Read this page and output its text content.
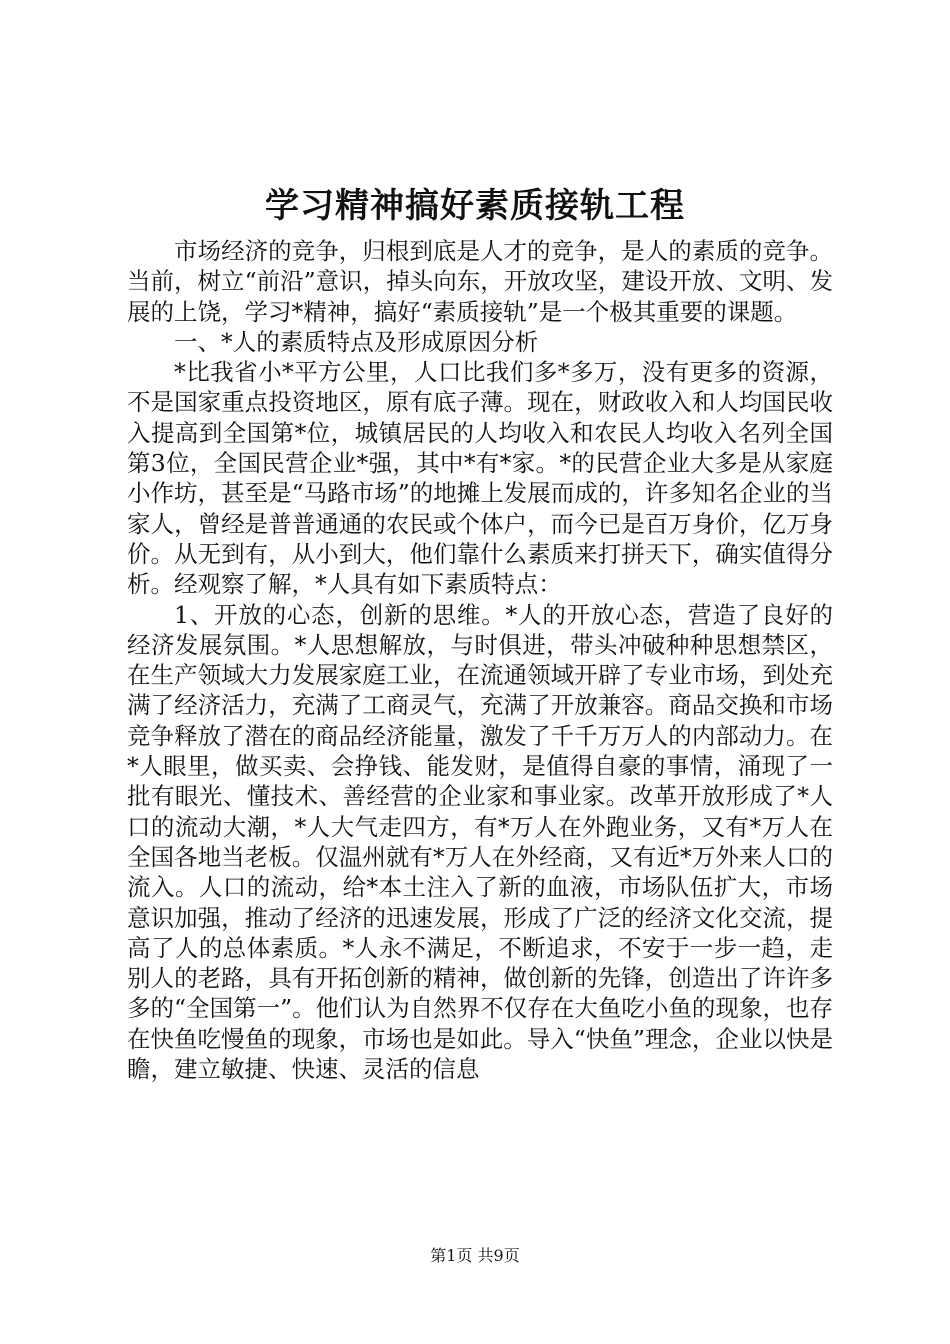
学习精神搞好素质接轨工程

市场经济的竞争，归根到底是人才的竞争，是人的素质的竞争。当前，树立“前沿”意识，掉头向东，开放攻坚，建设开放、文明、发展的上饶，学习*精神，搞好“素质接轨”是一个极其重要的课题。

一、*人的素质特点及形成原因分析

*比我省小*平方公里，人口比我们多*多万，没有更多的资源，不是国家重点投资地区，原有底子薄。现在，财政收入和人均国民收入提高到全国第*位，城镇居民的人均收入和农民人均收入名列全国第3位，全国民营企业*强，其中*有*家。*的民营企业大多是从家庭小作坊，甚至是“马路市场”的地摊上发展而成的，许多知名企业的当家人，曾经是普普通通的农民或个体户，而今已是百万身价，亿万身价。从无到有，从小到大，他们靠什么素质来打拼天下，确实值得分析。经观察了解，*人具有如下素质特点：

1、开放的心态，创新的思维。*人的开放心态，营造了良好的经济发展氛围。*人思想解放，与时俱进，带头冲破种种思想禁区，在生产领域大力发展家庭工业，在流通领域开辟了专业市场，到处充满了经济活力，充满了工商灵气，充满了开放兼容。商品交换和市场竞争释放了潜在的商品经济能量，激发了千千万万人的内部动力。在*人眼里，做买卖、会挣钱、能发财，是值得自豪的事情，涌现了一批有眼光、懂技术、善经营的企业家和事业家。改革开放形成了*人口的流动大潮，*人大气走四方，有*万人在外跑业务，又有*万人在全国各地当老板。仅温州就有*万人在外经商，又有近*万外来人口的流入。人口的流动，给*本土注入了新的血液，市场队伍扩大，市场意识加强，推动了经济的迅速发展，形成了广泛的经济文化交流，提高了人的总体素质。*人永不满足，不断追求，不安于一步一趋，走别人的老路，具有开拓创新的精神，做创新的先锋，创造出了许许多多的“全国第一”。他们认为自然界不仅存在大鱼吃小鱼的现象，也存在快鱼吃慢鱼的现象，市场也是如此。导入“快鱼”理念，企业以快是瞻，建立敏捷、快速、灵活的信息

第1页 共9页
